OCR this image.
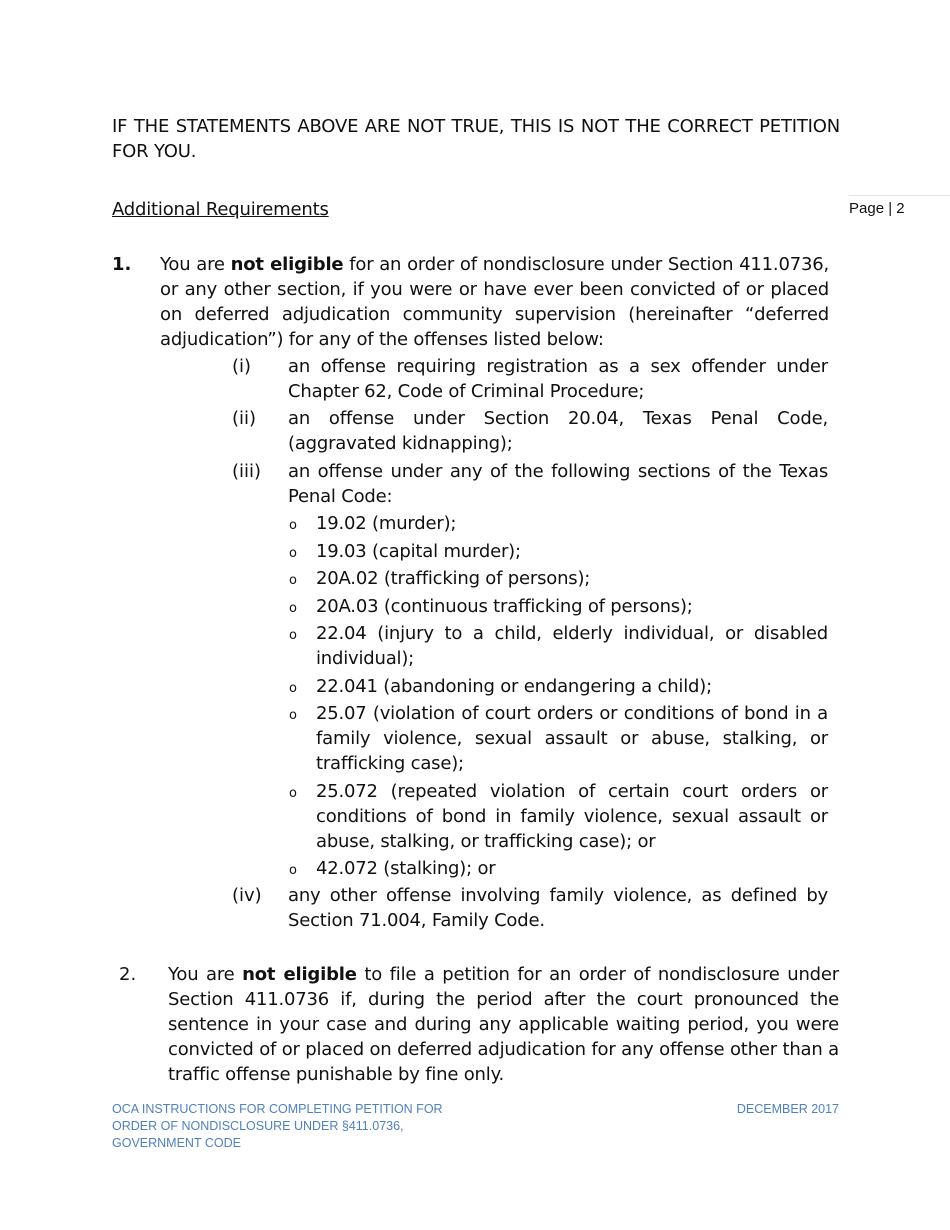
IF THE STATEMENTS ABOVE ARE NOT TRUE, THIS IS NOT THE CORRECT PETITION FOR YOU.
Additional Requirements	Page | 2
1. You are not eligible for an order of nondisclosure under Section 411.0736, or any other section, if you were or have ever been convicted of or placed on deferred adjudication community supervision (hereinafter “deferred adjudication”) for any of the offenses listed below:
(i) an offense requiring registration as a sex offender under Chapter 62, Code of Criminal Procedure;
(ii) an offense under Section 20.04, Texas Penal Code, (aggravated kidnapping);
(iii) an offense under any of the following sections of the Texas Penal Code:
o 19.02 (murder);
o 19.03 (capital murder);
o 20A.02 (trafficking of persons);
o 20A.03 (continuous trafficking of persons);
o 22.04 (injury to a child, elderly individual, or disabled individual);
o 22.041 (abandoning or endangering a child);
o 25.07 (violation of court orders or conditions of bond in a family violence, sexual assault or abuse, stalking, or trafficking case);
o 25.072 (repeated violation of certain court orders or conditions of bond in family violence, sexual assault or abuse, stalking, or trafficking case); or
o 42.072 (stalking); or
(iv) any other offense involving family violence, as defined by Section 71.004, Family Code.
2. You are not eligible to file a petition for an order of nondisclosure under Section 411.0736 if, during the period after the court pronounced the sentence in your case and during any applicable waiting period, you were convicted of or placed on deferred adjudication for any offense other than a traffic offense punishable by fine only.
OCA INSTRUCTIONS FOR COMPLETING PETITION FOR ORDER OF NONDISCLOSURE UNDER §411.0736, GOVERNMENT CODE
DECEMBER 2017
